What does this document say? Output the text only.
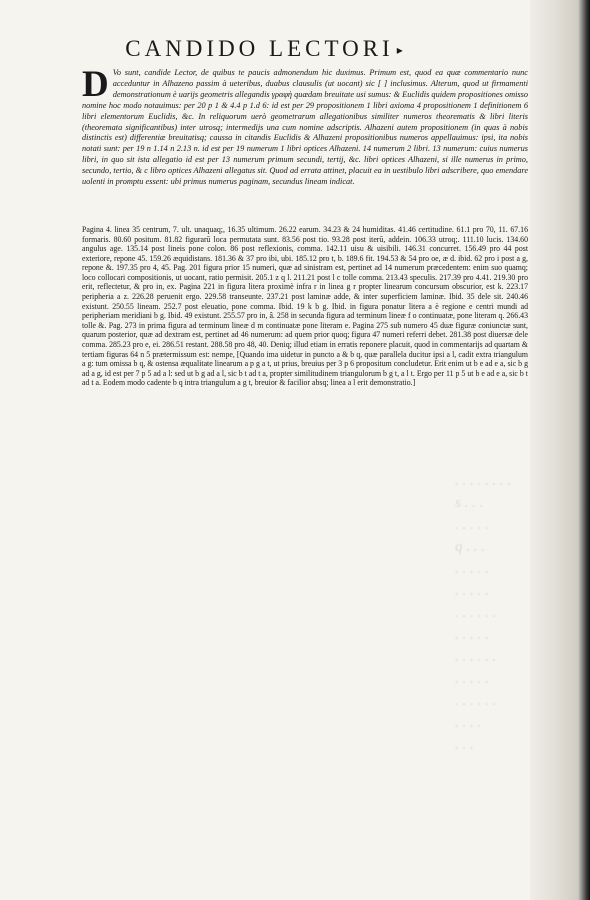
. . . . . . . .
s . . .
. . . . .
q . . .
. . . . .
. . . . .
. . . . . .
. . . . .
. . . . . .
. . . . .
. . . . . .
. . . .
. . .
CANDIDO LECTORI ▸

D Vo sunt, candide Lector, de quibus te paucis admonendum hic duximus. Primum est, quod ea quæ commentario nunc acceduntur in Alhazeno passim à ueteribus, duabus clausulis (ut uocant) sic [ ] inclusimus. Alterum, quod ut firmamenti demonstrationum è uarijs geometris allegandis γραφὴ quædam breuitate usi sumus: & Euclidis quidem propositiones omisso nomine hoc modo notauimus: per 20 p 1 & 4.4 p 1.d 6: id est per 29 propositionem 1 libri axioma 4 propositionem 1 definitionem 6 libri elementorum Euclidis, &c. In reliquorum uerò geometrarum allegationibus similiter numeros theorematis & libri literis (theoremata significantibus) inter utrosq; intermedijs una cum nomine adscriptis. Alhazeni autem propositionem (in quas à nobis distinctis est) differentiæ breuitatisq; caussa in citandis Euclidis & Alhazeni propositionibus numeros appellauimus: ipsi, ita nobis notati sunt: per 19 n 1.14 n 2.13 n. id est per 19 numerum 1 libri optices Alhazeni. 14 numerum 2 libri. 13 numerum: cuius numerus libri, in quo sit ista allegatio id est per 13 numerum primum secundi, tertij, &c. libri optices Alhazeni, si ille numerus in primo, secundo, tertio, & c libro optices Alhazeni allegatus sit. Quod ad errata attinet, placuit ea in uestibulo libri adscribere, quo emendare uolenti in promptu essent: ubi primus numerus paginam, secundus lineam indicat.

Pagina 4. linea 35 centrum, 7. ult. unaquaq;, 16.35 ultimum. 26.22 earum. 34.23 & 24 humiditas. 41.46 certitudine. 61.1 pro 70, 11. 67.16 formaris. 80.60 positum. 81.82 figurarū loca permutata sunt. 83.56 post tio. 93.28 post iterū, addein. 106.33 utroq;. 111.10 lucis. 134.60 angulus age. 135.14 post lineis pone colon. 86 post reflexionis, comma. 142.11 uisu & uisibili. 146.31 concurret. 156.49 pro 44 post exteriore, repone 45. 159.26 æquidistans. 181.36 & 37 pro ibi, ubi. 185.12 pro t, b. 189.6 fit. 194.53 & 54 pro oe, æ d. ibid. 62 pro i post a g, repone &. 197.35 pro 4, 45. Pag. 201 figura prior 15 numeri, quæ ad sinistram est, pertinet ad 14 numerum præcedentem: enim suo quamq; loco collocari compositionis, ut uocant, ratio permisit. 205.1 z q l. 211.21 post l c tolle comma. 213.43 speculis. 217.39 pro 4.41. 219.30 pro erit, reflectetur, & pro in, ex. Pagina 221 in figura litera proximè infra r in linea g r propter linearum concursum obscurior, est k. 223.17 peripheria a z. 226.28 peruenit ergo. 229.58 transeunte. 237.21 post laminæ adde, & inter superficiem laminæ. Ibid. 35 dele sit. 240.46 existunt. 250.55 lineam. 252.7 post eleuatio, pone comma. Ibid. 19 k b g. Ibid. in figura ponatur litera a è regione e centri mundi ad peripheriam meridiani b g. Ibid. 49 existunt. 255.57 pro in, â. 258 in secunda figura ad terminum lineæ f o continuatæ, pone literam q. 266.43 tolle &. Pag. 273 in prima figura ad terminum lineæ d m continuatæ pone literam e. Pagina 275 sub numero 45 duæ figuræ coniunctæ sunt, quarum posterior, quæ ad dextram est, pertinet ad 46 numerum: ad quem prior quoq; figura 47 numeri referri debet. 281.38 post diuersæ dele comma. 285.23 pro e, ei. 286.51 restant. 288.58 pro 48, 40. Deniq; illud etiam in erratis reponere placuit, quod in commentarijs ad quartam & tertiam figuras 64 n 5 prætermissum est: nempe, [Quando ima uidetur in puncto a & b q, quæ parallela ducitur ipsi a l, cadit extra triangulum a g: tum omissa b q, & ostensa æqualitate linearum a p g a t, ut prius, breuius per 3 p 6 propositum concludetur. Erit enim ut b e ad e a, sic b g ad a g, id est per 7 p 5 ad a l: sed ut b g ad a l, sic b t ad t a, propter similitudinem triangulorum b g t, a l t. Ergo per 11 p 5 ut b e ad e a, sic b t ad t a. Eodem modo cadente b q intra triangulum a g t, breuior & facilior absq; linea a l erit demonstratio.]
